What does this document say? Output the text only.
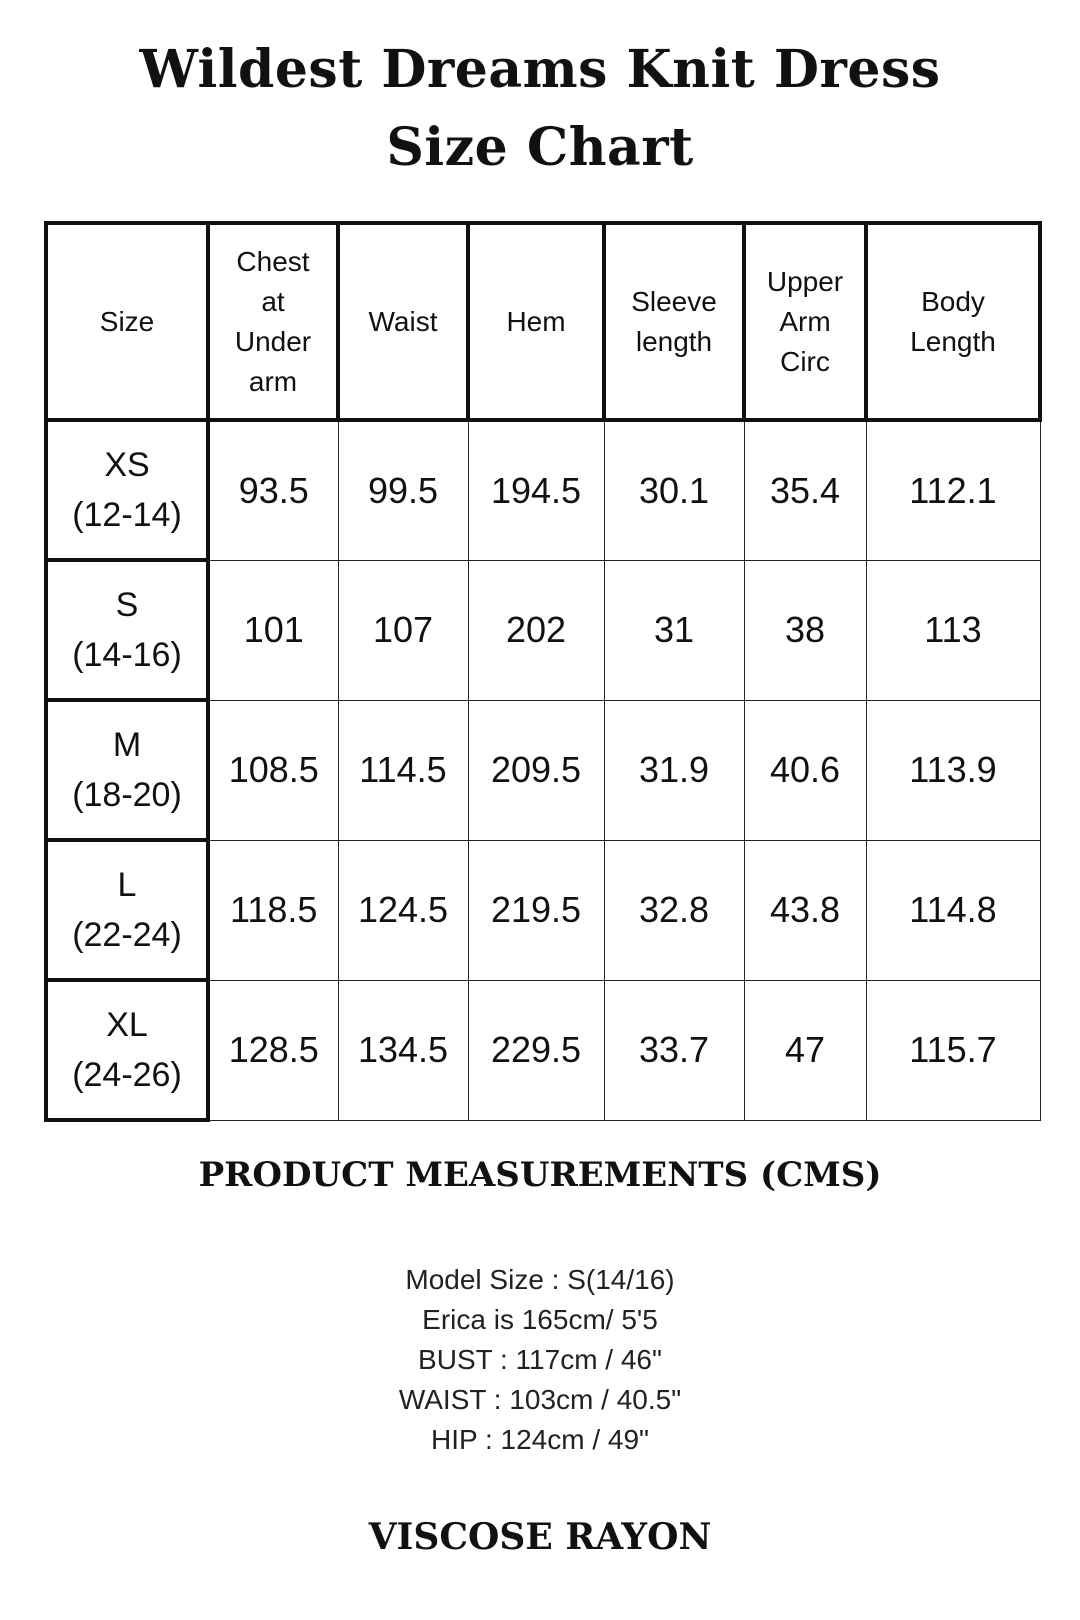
Wildest Dreams Knit Dress
Size Chart
Size	Chest
at
Under
arm	Waist	Hem	Sleeve
length	Upper
Arm
Circ	Body
Length

XS
(12-14)	93.5	99.5	194.5	30.1	35.4	112.1

S
(14-16)	101	107	202	31	38	113

M
(18-20)	108.5	114.5	209.5	31.9	40.6	113.9

L
(22-24)	118.5	124.5	219.5	32.8	43.8	114.8

XL
(24-26)	128.5	134.5	229.5	33.7	47	115.7
PRODUCT MEASUREMENTS (CMS)
Model Size : S(14/16)
Erica is 165cm/ 5'5
BUST : 117cm / 46"
WAIST : 103cm / 40.5"
HIP : 124cm / 49"
VISCOSE RAYON
